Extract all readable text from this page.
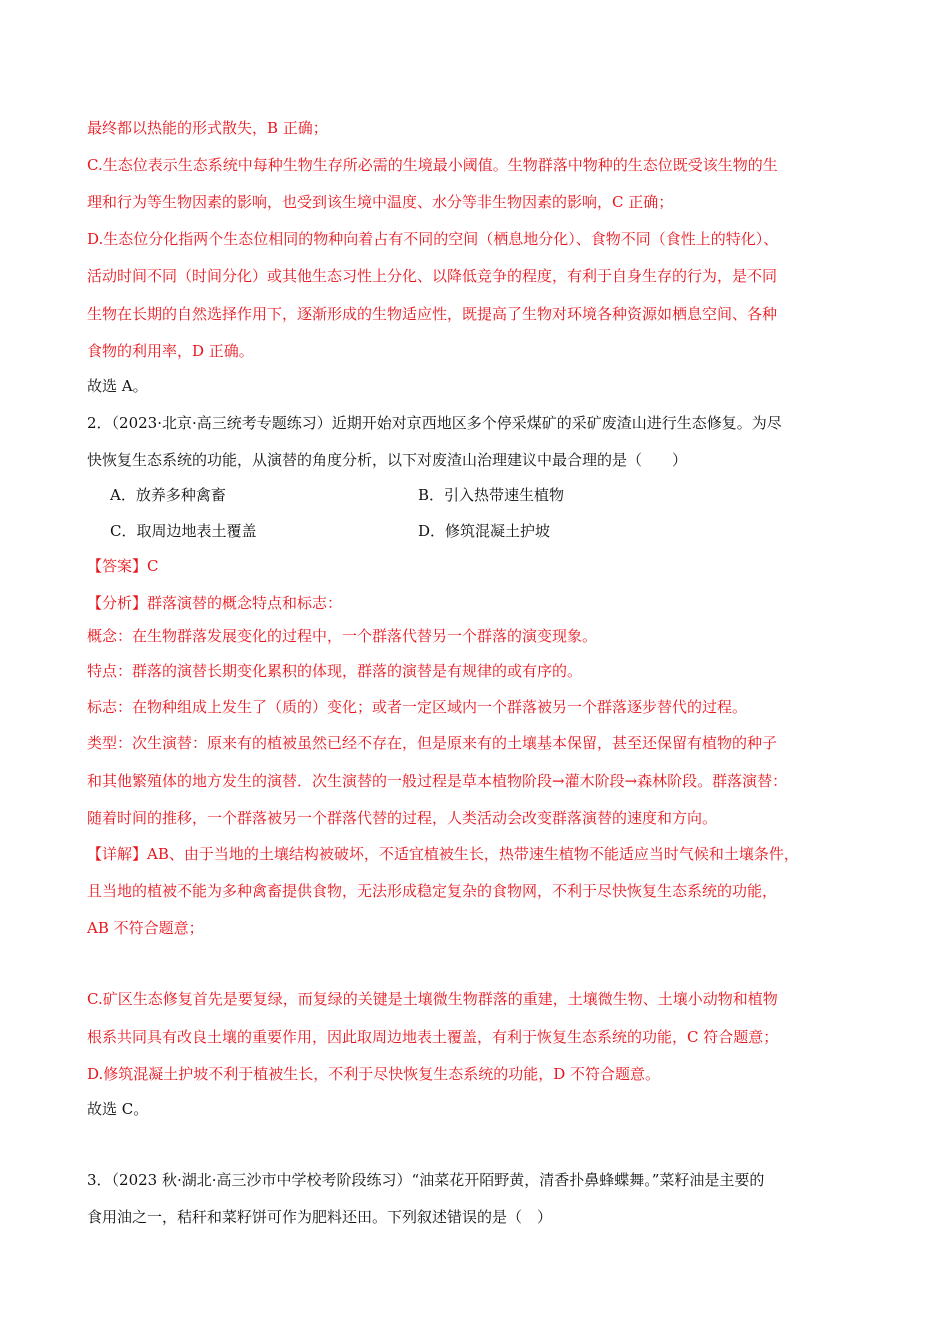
最终都以热能的形式散失，B 正确；
C.生态位表示生态系统中每种生物生存所必需的生境最小阈值。生物群落中物种的生态位既受该生物的生
理和行为等生物因素的影响，也受到该生境中温度、水分等非生物因素的影响，C 正确；
D.生态位分化指两个生态位相同的物种向着占有不同的空间（栖息地分化）、食物不同（食性上的特化）、
活动时间不同（时间分化）或其他生态习性上分化、以降低竞争的程度，有利于自身生存的行为，是不同
生物在长期的自然选择作用下，逐渐形成的生物适应性，既提高了生物对环境各种资源如栖息空间、各种
食物的利用率，D 正确。
故选 A。
2．（2023·北京·高三统考专题练习）近期开始对京西地区多个停采煤矿的采矿废渣山进行生态修复。为尽
快恢复生态系统的功能，从演替的角度分析，以下对废渣山治理建议中最合理的是（　　）
A．放养多种禽畜	B．引入热带速生植物
C．取周边地表土覆盖	D．修筑混凝土护坡
【答案】C
【分析】群落演替的概念特点和标志：
概念：在生物群落发展变化的过程中，一个群落代替另一个群落的演变现象。
特点：群落的演替长期变化累积的体现，群落的演替是有规律的或有序的。
标志：在物种组成上发生了（质的）变化；或者一定区域内一个群落被另一个群落逐步替代的过程。
类型：次生演替：原来有的植被虽然已经不存在，但是原来有的土壤基本保留，甚至还保留有植物的种子
和其他繁殖体的地方发生的演替．次生演替的一般过程是草本植物阶段→灌木阶段→森林阶段。群落演替：
随着时间的推移，一个群落被另一个群落代替的过程，人类活动会改变群落演替的速度和方向。
【详解】AB、由于当地的土壤结构被破坏，不适宜植被生长，热带速生植物不能适应当时气候和土壤条件，
且当地的植被不能为多种禽畜提供食物，无法形成稳定复杂的食物网，不利于尽快恢复生态系统的功能，
AB 不符合题意；
C.矿区生态修复首先是要复绿，而复绿的关键是土壤微生物群落的重建，土壤微生物、土壤小动物和植物
根系共同具有改良土壤的重要作用，因此取周边地表土覆盖，有利于恢复生态系统的功能，C 符合题意；
D.修筑混凝土护坡不利于植被生长，不利于尽快恢复生态系统的功能，D 不符合题意。
故选 C。
3．（2023 秋·湖北·高三沙市中学校考阶段练习）“油菜花开陌野黄，清香扑鼻蜂蝶舞。”菜籽油是主要的
食用油之一，秸秆和菜籽饼可作为肥料还田。下列叙述错误的是（　）
